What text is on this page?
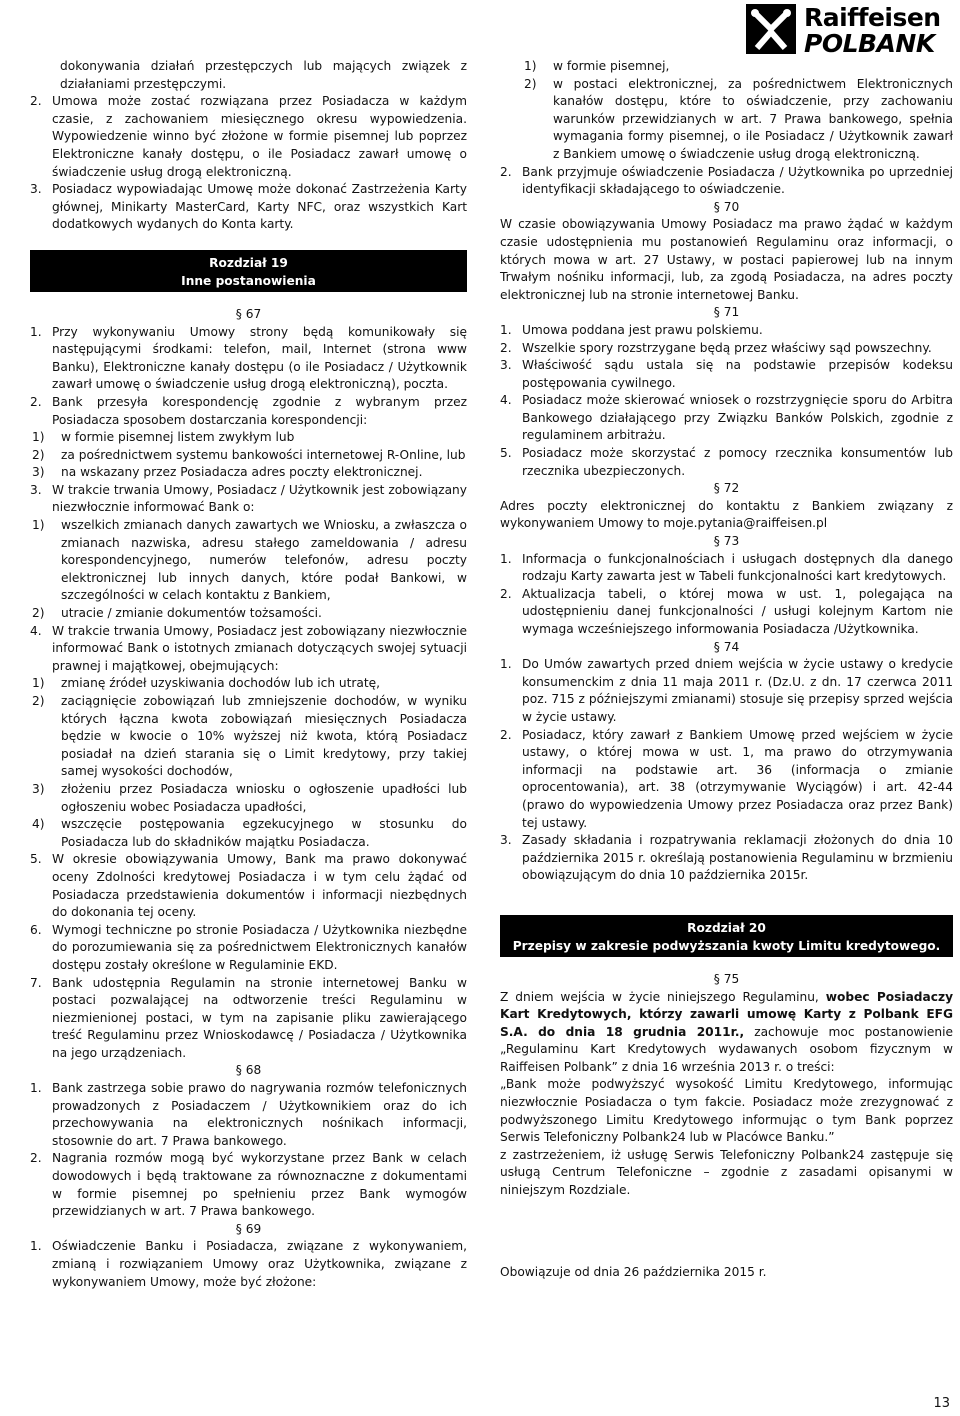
Raiffeisen
POLBANK

dokonywania działań przestępczych lub mających związek z działaniami przestępczymi.

2. Umowa może zostać rozwiązana przez Posiadacza w każdym czasie, z zachowaniem miesięcznego okresu wypowiedzenia. Wypowiedzenie winno być złożone w formie pisemnej lub poprzez Elektroniczne kanały dostępu, o ile Posiadacz zawarł umowę o świadczenie usług drogą elektroniczną.
3. Posiadacz wypowiadając Umowę może dokonać Zastrzeżenia Karty głównej, Minikarty MasterCard, Karty NFC, oraz wszystkich Kart dodatkowych wydanych do Konta karty.
Rozdział 19
Inne postanowienia
§ 67
1. Przy wykonywaniu Umowy strony będą komunikowały się następującymi środkami: telefon, mail, Internet (strona www Banku), Elektroniczne kanały dostępu (o ile Posiadacz / Użytkownik zawarł umowę o świadczenie usług drogą elektroniczną), poczta.
2. Bank przesyła korespondencję zgodnie z wybranym przez Posiadacza sposobem dostarczania korespondencji:
1)	w formie pisemnej listem zwykłym lub
2)	za pośrednictwem systemu bankowości internetowej R-Online, lub
3)	na wskazany przez Posiadacza adres poczty elektronicznej.
3. W trakcie trwania Umowy, Posiadacz / Użytkownik jest zobowiązany niezwłocznie informować Bank o:
1)	wszelkich zmianach danych zawartych we Wniosku, a zwłaszcza o zmianach nazwiska, adresu stałego zameldowania / adresu korespondencyjnego, numerów telefonów, adresu poczty elektronicznej lub innych danych, które podał Bankowi, w szczególności w celach kontaktu z Bankiem,
2)	utracie / zmianie dokumentów tożsamości.
4. W trakcie trwania Umowy, Posiadacz jest zobowiązany niezwłocznie informować Bank o istotnych zmianach dotyczących swojej sytuacji prawnej i majątkowej, obejmujących:
1)	zmianę źródeł uzyskiwania dochodów lub ich utratę,
2)	zaciągnięcie zobowiązań lub zmniejszenie dochodów, w wyniku których łączna kwota zobowiązań miesięcznych Posiadacza będzie w kwocie o 10% wyższej niż kwota, którą Posiadacz posiadał na dzień starania się o Limit kredytowy, przy takiej samej wysokości dochodów,
3)	złożeniu przez Posiadacza wniosku o ogłoszenie upadłości lub ogłoszeniu wobec Posiadacza upadłości,
4)	wszczęcie postępowania egzekucyjnego w stosunku do Posiadacza lub do składników majątku Posiadacza.
5. W okresie obowiązywania Umowy, Bank ma prawo dokonywać oceny Zdolności kredytowej Posiadacza i w tym celu żądać od Posiadacza przedstawienia dokumentów i informacji niezbędnych do dokonania tej oceny.
6. Wymogi techniczne po stronie Posiadacza / Użytkownika niezbędne do porozumiewania się za pośrednictwem Elektronicznych kanałów dostępu zostały określone w Regulaminie EKD.
7. Bank udostępnia Regulamin na stronie internetowej Banku w postaci pozwalającej na odtworzenie treści Regulaminu w niezmienionej postaci, w tym na zapisanie pliku zawierającego treść Regulaminu przez Wnioskodawcę / Posiadacza / Użytkownika na jego urządzeniach.
§ 68
1. Bank zastrzega sobie prawo do nagrywania rozmów telefonicznych prowadzonych z Posiadaczem / Użytkownikiem oraz do ich przechowywania na elektronicznych nośnikach informacji, stosownie do art. 7 Prawa bankowego.
2. Nagrania rozmów mogą być wykorzystane przez Bank w celach dowodowych i będą traktowane za równoznaczne z dokumentami w formie pisemnej po spełnieniu przez Bank wymogów przewidzianych w art. 7 Prawa bankowego.
§ 69
1. Oświadczenie Banku i Posiadacza, związane z wykonywaniem, zmianą i rozwiązaniem Umowy oraz Użytkownika, związane z wykonywaniem Umowy, może być złożone:
1)	w formie pisemnej,
2)	w postaci elektronicznej, za pośrednictwem Elektronicznych kanałów dostępu, które to oświadczenie, przy zachowaniu warunków przewidzianych w art. 7 Prawa bankowego, spełnia wymagania formy pisemnej, o ile Posiadacz / Użytkownik zawarł z Bankiem umowę o świadczenie usług drogą elektroniczną.
2. Bank przyjmuje oświadczenie Posiadacza / Użytkownika po uprzedniej identyfikacji składającego to oświadczenie.
§ 70

W czasie obowiązywania Umowy Posiadacz ma prawo żądać w każdym czasie udostępnienia mu postanowień Regulaminu oraz informacji, o których mowa w art. 27 Ustawy, w postaci papierowej lub na innym Trwałym nośniku informacji, lub, za zgodą Posiadacza, na adres poczty elektronicznej lub na stronie internetowej Banku.

§ 71
1. Umowa poddana jest prawu polskiemu.
2. Wszelkie spory rozstrzygane będą przez właściwy sąd powszechny.
3. Właściwość sądu ustala się na podstawie przepisów kodeksu postępowania cywilnego.
4. Posiadacz może skierować wniosek o rozstrzygnięcie sporu do Arbitra Bankowego działającego przy Związku Banków Polskich, zgodnie z regulaminem arbitrażu.
5. Posiadacz może skorzystać z pomocy rzecznika konsumentów lub rzecznika ubezpieczonych.
§ 72

Adres poczty elektronicznej do kontaktu z Bankiem związany z wykonywaniem Umowy to moje.pytania@raiffeisen.pl

§ 73
1. Informacja o funkcjonalnościach i usługach dostępnych dla danego rodzaju Karty zawarta jest w Tabeli funkcjonalności kart kredytowych.
2. Aktualizacja tabeli, o której mowa w ust. 1, polegająca na udostępnieniu danej funkcjonalności / usługi kolejnym Kartom nie wymaga wcześniejszego informowania Posiadacza /Użytkownika.
§ 74
1. Do Umów zawartych przed dniem wejścia w życie ustawy o kredycie konsumenckim z dnia 11 maja 2011 r. (Dz.U. z dn. 17 czerwca 2011 poz. 715 z późniejszymi zmianami) stosuje się przepisy sprzed wejścia w życie ustawy.
2. Posiadacz, który zawarł z Bankiem Umowę przed wejściem w życie ustawy, o której mowa w ust. 1, ma prawo do otrzymywania informacji na podstawie art. 36 (informacja o zmianie oprocentowania), art. 38 (otrzymywanie Wyciągów) i art. 42-44 (prawo do wypowiedzenia Umowy przez Posiadacza oraz przez Bank) tej ustawy.
3. Zasady składania i rozpatrywania reklamacji złożonych do dnia 10 października 2015 r. określają postanowienia Regulaminu w brzmieniu obowiązującym do dnia 10 października 2015r.
Rozdział 20
Przepisy w zakresie podwyższania kwoty Limitu kredytowego.
§ 75

Z dniem wejścia w życie niniejszego Regulaminu, wobec Posiadaczy Kart Kredytowych, którzy zawarli umowę Karty z Polbank EFG S.A. do dnia 18 grudnia 2011r., zachowuje moc postanowienie „Regulaminu Kart Kredytowych wydawanych osobom fizycznym w Raiffeisen Polbank” z dnia 16 września 2013 r. o treści:

„Bank może podwyższyć wysokość Limitu Kredytowego, informując niezwłocznie Posiadacza o tym fakcie. Posiadacz może zrezygnować z podwyższonego Limitu Kredytowego informując o tym Bank poprzez Serwis Telefoniczny Polbank24 lub w Placówce Banku.”

z zastrzeżeniem, iż usługę Serwis Telefoniczny Polbank24 zastępuje się usługą Centrum Telefoniczne – zgodnie z zasadami opisanymi w niniejszym Rozdziale.

Obowiązuje od dnia 26 października 2015 r.

13
